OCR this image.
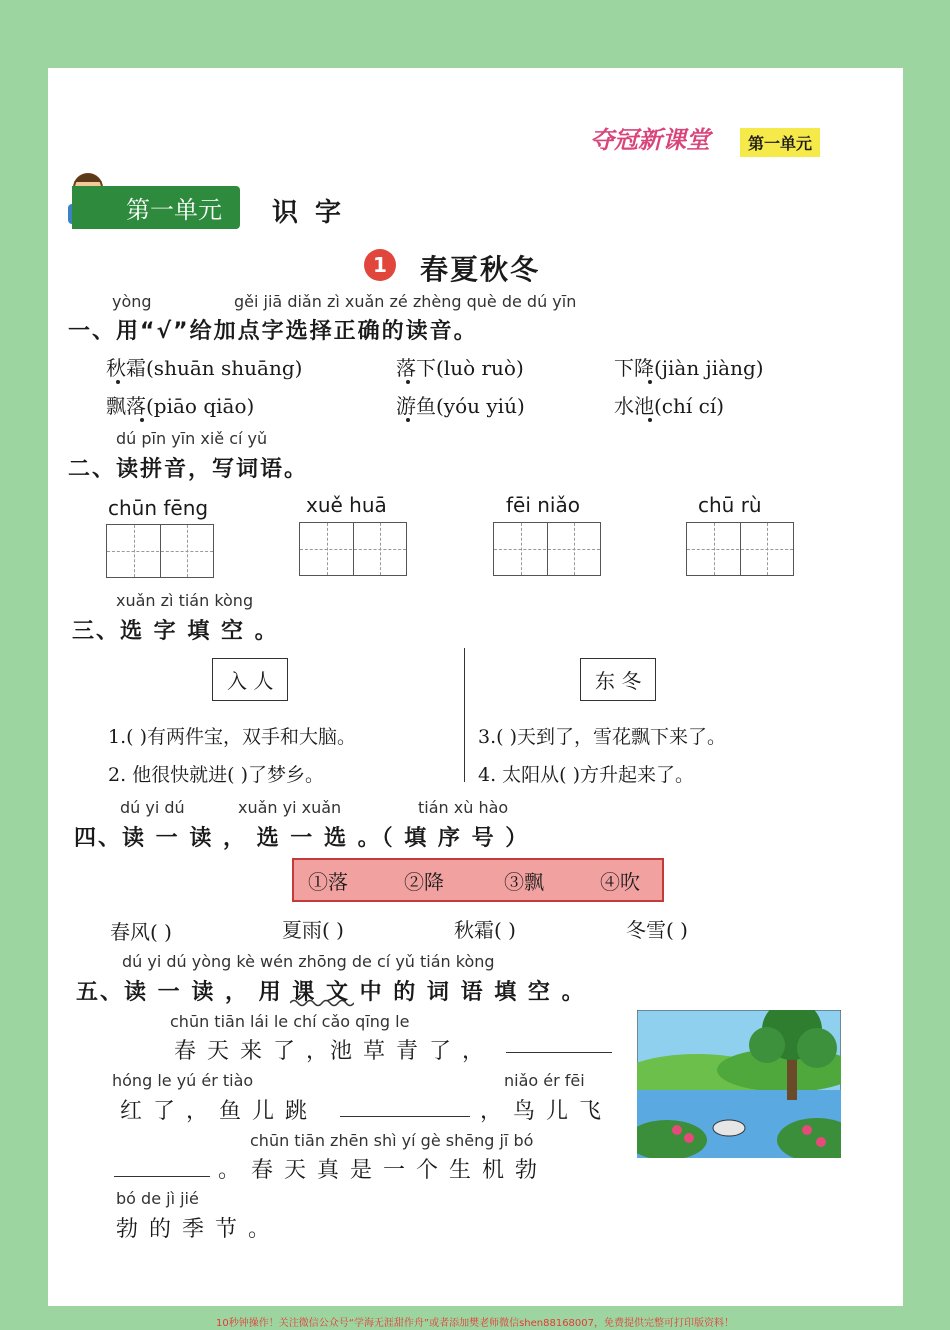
夺冠新课堂	第一单元
第一单元	识 字
1	春夏秋冬
yòng	gěi jiā diǎn zì xuǎn zé zhèng què de dú yīn
一、用“√”给加点字选择正确的读音。
秋霜(shuān shuāng)	落下(luò ruò)	下降(jiàn jiàng)
飘落(piāo qiāo)	游鱼(yóu yiú)	水池(chí cí)
dú pīn yīn xiě cí yǔ
二、读拼音，写词语。
chūn fēng	xuě huā	fēi niǎo	chū rù
xuǎn zì tián kòng
三、选 字 填 空 。
入 人	东 冬
1.( )有两件宝，双手和大脑。
2. 他很快就进( )了梦乡。
3.( )天到了，雪花飘下来了。
4. 太阳从( )方升起来了。
dú yi dú	xuǎn yi xuǎn	tián xù hào
四、读 一 读 ， 选 一 选 。（ 填 序 号 ）
①落	②降	③飘	④吹
春风( )	夏雨( )	秋霜( )	冬雪( )
dú yi dú yòng kè wén zhōng de cí yǔ tián kòng
五、读 一 读 ， 用 课 文 中 的 词 语 填 空 。
chūn tiān lái le chí cǎo qīng le
春 天 来 了 ，池 草 青 了 ，
hóng le yú ér tiào
红 了 ， 鱼 儿 跳
niǎo ér fēi
， 鸟 儿 飞
chūn tiān zhēn shì yí gè shēng jī bó
。 春 天 真 是 一 个 生 机 勃
bó de jì jié
勃 的 季 节 。
10秒钟操作！关注微信公众号“学海无涯甜作舟”或者添加樊老师微信shen88168007，免费提供完整可打印版资料！
